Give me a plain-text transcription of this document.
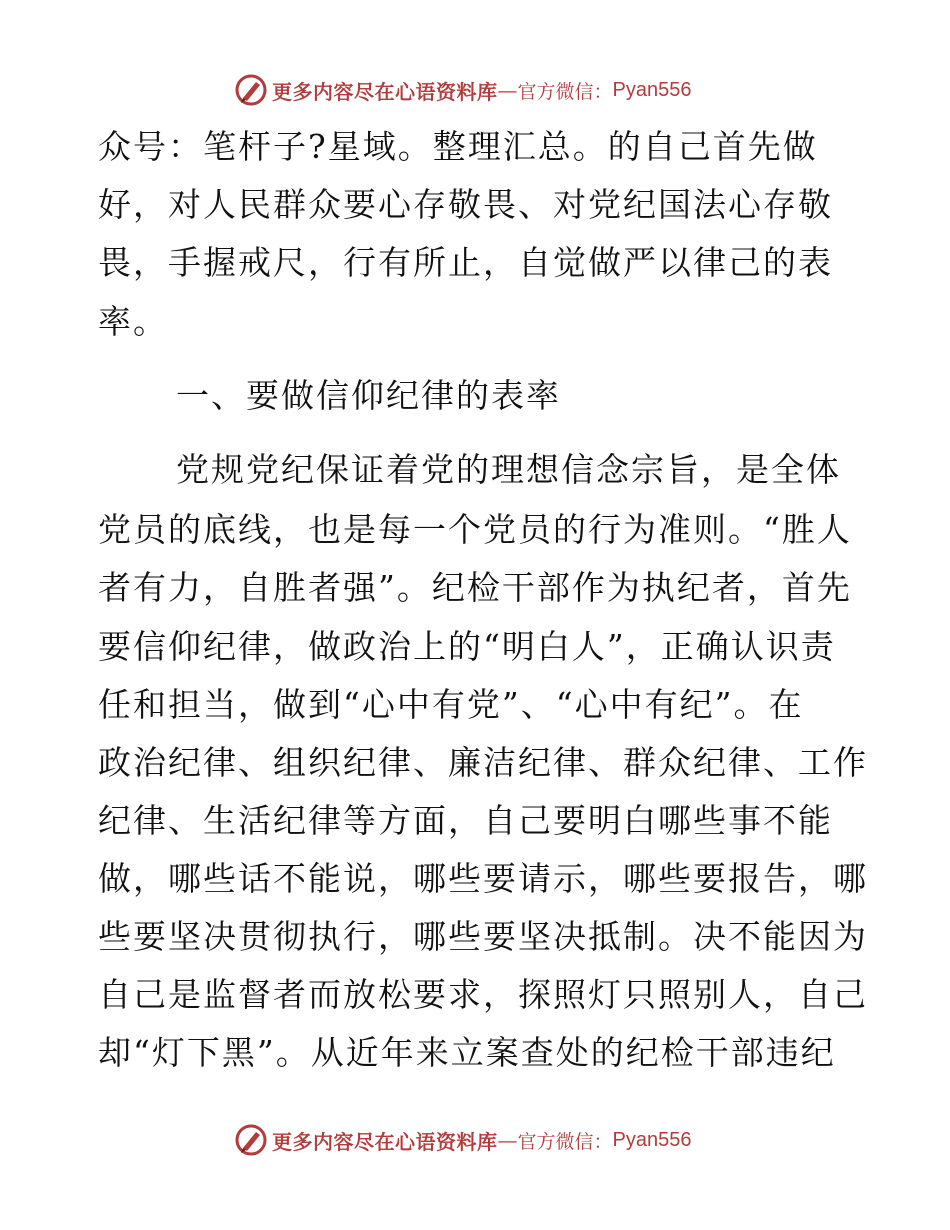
更多内容尽在心语资料库 — 官方微信： Pyan556
众号：笔杆子?星域。整理汇总。的自己首先做
好，对人民群众要心存敬畏、对党纪国法心存敬
畏，手握戒尺，行有所止，自觉做严以律己的表
率。
一、要做信仰纪律的表率
党规党纪保证着党的理想信念宗旨，是全体
党员的底线，也是每一个党员的行为准则。“胜人
者有力，自胜者强”。纪检干部作为执纪者，首先
要信仰纪律，做政治上的“明白人”，正确认识责
任和担当，做到“心中有党”、“心中有纪”。在
政治纪律、组织纪律、廉洁纪律、群众纪律、工作
纪律、生活纪律等方面，自己要明白哪些事不能
做，哪些话不能说，哪些要请示，哪些要报告，哪
些要坚决贯彻执行，哪些要坚决抵制。决不能因为
自己是监督者而放松要求，探照灯只照别人，自己
却“灯下黑”。从近年来立案查处的纪检干部违纪
更多内容尽在心语资料库 — 官方微信： Pyan556
